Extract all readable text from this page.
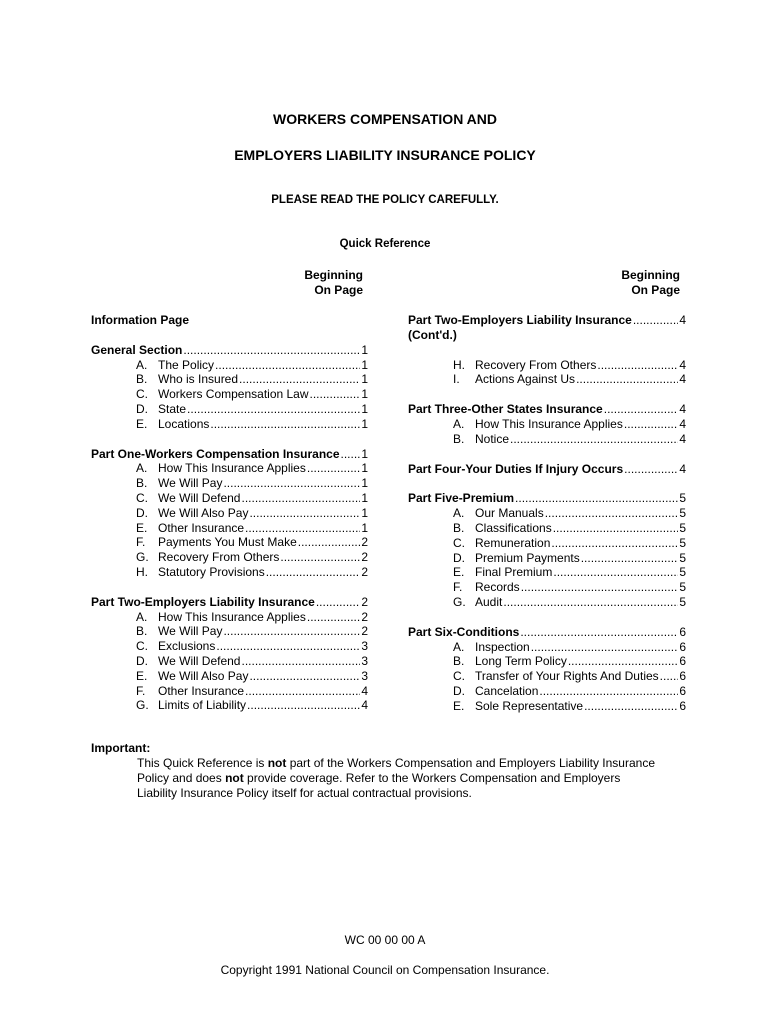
WORKERS COMPENSATION AND
EMPLOYERS LIABILITY INSURANCE POLICY
PLEASE READ THE POLICY CAREFULLY.
Quick Reference
Beginning
On Page
Beginning
On Page
Information Page
General Section .....	1
A. The Policy .....	1
B. Who is Insured .....	1
C. Workers Compensation Law .....	1
D. State .....	1
E. Locations .....	1
Part One-Workers Compensation Insurance ..... 1
A. How This Insurance Applies .....	1
B. We Will Pay .....	1
C. We Will Defend .....	1
D. We Will Also Pay .....	1
E. Other Insurance .....	1
F. Payments You Must Make .....	2
G. Recovery From Others .....	2
H. Statutory Provisions .....	2
Part Two-Employers Liability Insurance .....	2
A. How This Insurance Applies .....	2
B. We Will Pay .....	2
C. Exclusions .....	3
D. We Will Defend .....	3
E. We Will Also Pay .....	3
F. Other Insurance .....	4
G. Limits of Liability .....	4
Part Two-Employers Liability Insurance .....	4
(Cont'd.)
H. Recovery From Others .....	4
I. Actions Against Us .....	4
Part Three-Other States Insurance .....	4
A. How This Insurance Applies .....	4
B. Notice .....	4
Part Four-Your Duties If Injury Occurs .....	4
Part Five-Premium .....	5
A. Our Manuals .....	5
B. Classifications .....	5
C. Remuneration .....	5
D. Premium Payments .....	5
E. Final Premium .....	5
F. Records .....	5
G. Audit .....	5
Part Six-Conditions .....	6
A. Inspection .....	6
B. Long Term Policy .....	6
C. Transfer of Your Rights And Duties ..... 6
D. Cancelation .....	6
E. Sole Representative .....	6
Important:
This Quick Reference is not part of the Workers Compensation and Employers Liability Insurance
Policy and does not provide coverage. Refer to the Workers Compensation and Employers
Liability Insurance Policy itself for actual contractual provisions.
WC 00 00 00 A
Copyright 1991 National Council on Compensation Insurance.
